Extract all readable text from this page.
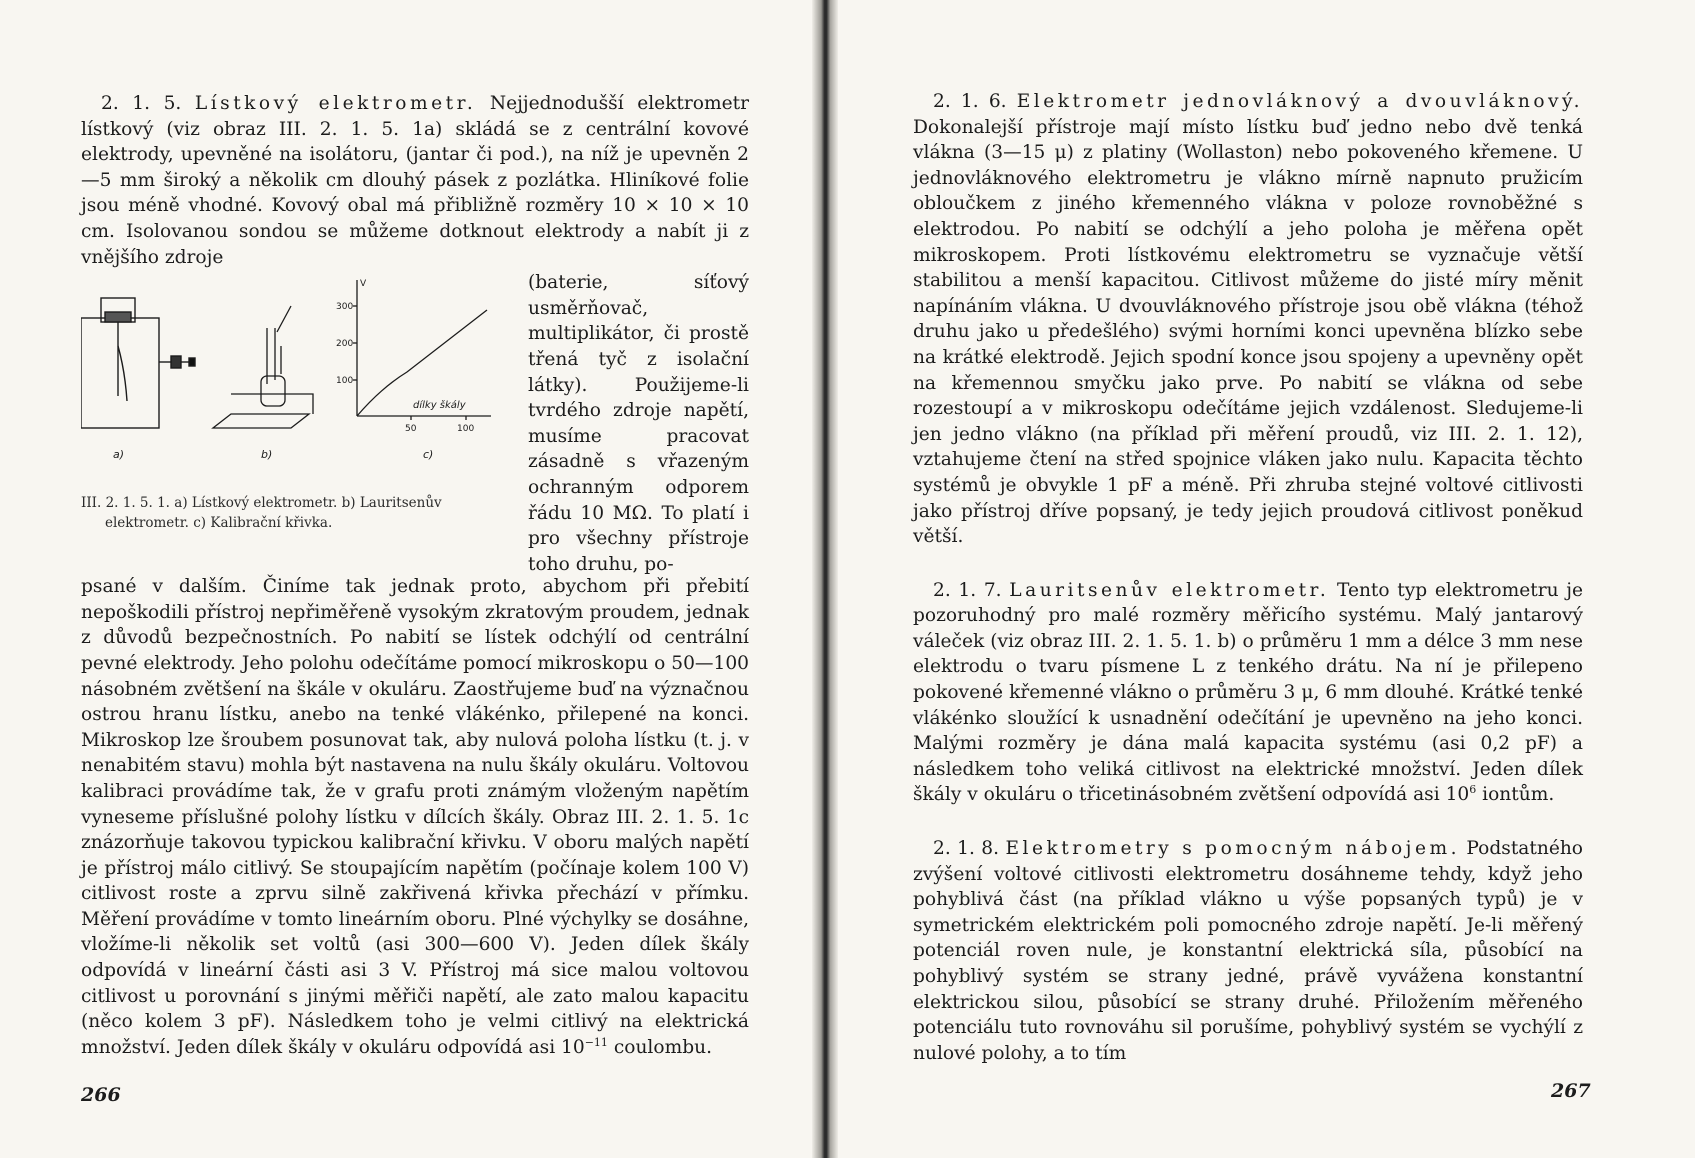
2. 1. 5. Lístkový elektrometr. Nejjednodušší elektrometr lístkový (viz obraz III. 2. 1. 5. 1a) skládá se z centrální kovové elektrody, upevněné na isolátoru, (jantar či pod.), na níž je upevněn 2—5 mm široký a několik cm dlouhý pásek z pozlátka. Hliníkové folie jsou méně vhodné. Kovový obal má přibližně rozměry 10 × 10 × 10 cm. Isolovanou sondou se můžeme dotknout elektrody a nabít ji z vnějšího zdroje

V
300
200
100
50	100
dílky škály
a)	b)	c)
III. 2. 1. 5. 1. a) Lístkový elektrometr. b) Lauritsenův
elektrometr. c) Kalibrační křivka.

(baterie, síťový usměrňovač, multiplikátor, či prostě třená tyč z isolační látky). Použijeme-li tvrdého zdroje napětí, musíme pracovat zásadně s vřazeným ochranným odporem řádu 10 MΩ. To platí i pro všechny přístroje toho druhu, po-

psané v dalším. Činíme tak jednak proto, abychom při přebití nepoškodili přístroj nepřiměřeně vysokým zkratovým proudem, jednak z důvodů bezpečnostních. Po nabití se lístek odchýlí od centrální pevné elektrody. Jeho polohu odečítáme pomocí mikroskopu o 50—100 násobném zvětšení na škále v okuláru. Zaostřujeme buď na význačnou ostrou hranu lístku, anebo na tenké vlákénko, přilepené na konci. Mikroskop lze šroubem posunovat tak, aby nulová poloha lístku (t. j. v nenabitém stavu) mohla být nastavena na nulu škály okuláru. Voltovou kalibraci provádíme tak, že v grafu proti známým vloženým napětím vyneseme příslušné polohy lístku v dílcích škály. Obraz III. 2. 1. 5. 1c znázorňuje takovou typickou kalibrační křivku. V oboru malých napětí je přístroj málo citlivý. Se stoupajícím napětím (počínaje kolem 100 V) citlivost roste a zprvu silně zakřivená křivka přechází v přímku. Měření provádíme v tomto lineárním oboru. Plné výchylky se dosáhne, vložíme-li několik set voltů (asi 300—600 V). Jeden dílek škály odpovídá v lineární části asi 3 V. Přístroj má sice malou voltovou citlivost u porovnání s jinými měřiči napětí, ale zato malou kapacitu (něco kolem 3 pF). Následkem toho je velmi citlivý na elektrická množství. Jeden dílek škály v okuláru odpovídá asi $10^{-11}$ coulombu.

266

2. 1. 6. Elektrometr jednovláknový a dvouvláknový. Dokonalejší přístroje mají místo lístku buď jedno nebo dvě tenká vlákna (3—15 μ) z platiny (Wollaston) nebo pokoveného křemene. U jednovláknového elektrometru je vlákno mírně napnuto pružicím obloučkem z jiného křemenného vlákna v poloze rovnoběžné s elektrodou. Po nabití se odchýlí a jeho poloha je měřena opět mikroskopem. Proti lístkovému elektrometru se vyznačuje větší stabilitou a menší kapacitou. Citlivost můžeme do jisté míry měnit napínáním vlákna. U dvouvláknového přístroje jsou obě vlákna (téhož druhu jako u předešlého) svými horními konci upevněna blízko sebe na krátké elektrodě. Jejich spodní konce jsou spojeny a upevněny opět na křemennou smyčku jako prve. Po nabití se vlákna od sebe rozestoupí a v mikroskopu odečítáme jejich vzdálenost. Sledujeme-li jen jedno vlákno (na příklad při měření proudů, viz III. 2. 1. 12), vztahujeme čtení na střed spojnice vláken jako nulu. Kapacita těchto systémů je obvykle 1 pF a méně. Při zhruba stejné voltové citlivosti jako přístroj dříve popsaný, je tedy jejich proudová citlivost poněkud větší.

2. 1. 7. Lauritsenův elektrometr. Tento typ elektrometru je pozoruhodný pro malé rozměry měřicího systému. Malý jantarový váleček (viz obraz III. 2. 1. 5. 1. b) o průměru 1 mm a délce 3 mm nese elektrodu o tvaru písmene L z tenkého drátu. Na ní je přilepeno pokovené křemenné vlákno o průměru 3 μ, 6 mm dlouhé. Krátké tenké vlákénko sloužící k usnadnění odečítání je upevněno na jeho konci. Malými rozměry je dána malá kapacita systému (asi 0,2 pF) a následkem toho veliká citlivost na elektrické množství. Jeden dílek škály v okuláru o třicetinásobném zvětšení odpovídá asi $10^6$ iontům.

2. 1. 8. Elektrometry s pomocným nábojem. Podstatného zvýšení voltové citlivosti elektrometru dosáhneme tehdy, když jeho pohyblivá část (na příklad vlákno u výše popsaných typů) je v symetrickém elektrickém poli pomocného zdroje napětí. Je-li měřený potenciál roven nule, je konstantní elektrická síla, působící na pohyblivý systém se strany jedné, právě vyvážena konstantní elektrickou silou, působící se strany druhé. Přiložením měřeného potenciálu tuto rovnováhu sil porušíme, pohyblivý systém se vychýlí z nulové polohy, a to tím

267
